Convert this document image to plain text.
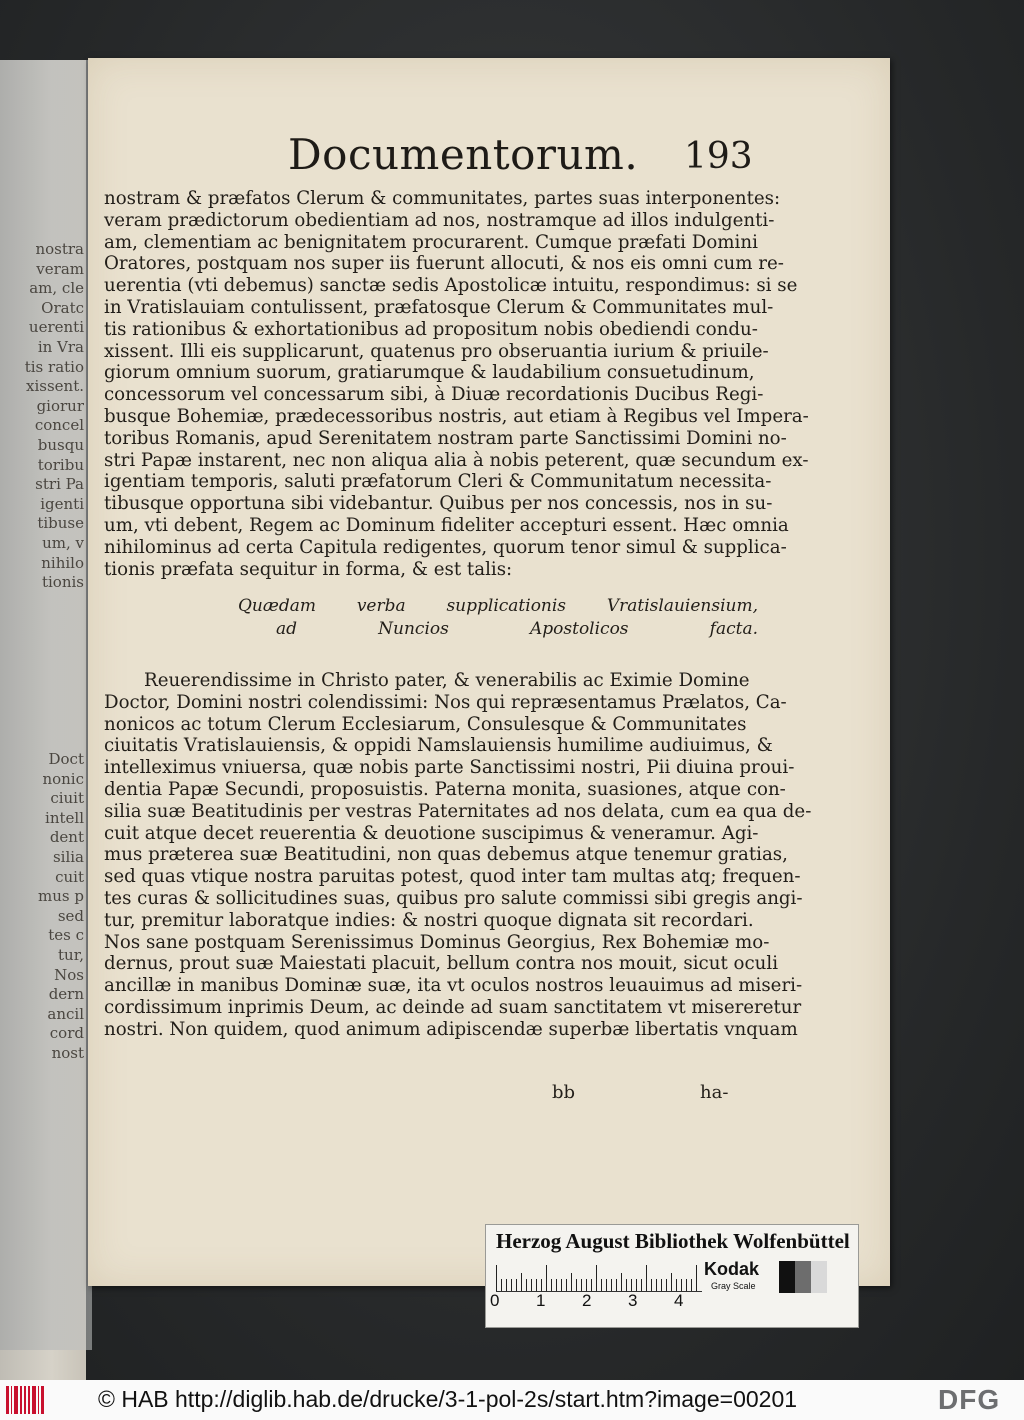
nostra
veram
am, cle
Oratc
uerenti
in Vra
tis ratio
xissent.
giorur
concel
busqu
toribu
stri Pa
igenti
tibuse
um, v
nihilo
tionis
Doct
nonic
ciuit
intell
dent
silia
cuit
mus p
sed
tes c
tur,
Nos
dern
ancil
cord
nost
Documentorum. 193
nostram & præfatos Clerum & communitates, partes suas interponentes:
veram prædictorum obedientiam ad nos, nostramque ad illos indulgenti-
am, clementiam ac benignitatem procurarent. Cumque præfati Domini
Oratores, postquam nos super iis fuerunt allocuti, & nos eis omni cum re-
uerentia (vti debemus) sanctæ sedis Apostolicæ intuitu, respondimus: si se
in Vratislauiam contulissent, præfatosque Clerum & Communitates mul-
tis rationibus & exhortationibus ad propositum nobis obediendi condu-
xissent. Illi eis supplicarunt, quatenus pro obseruantia iurium & priuile-
giorum omnium suorum, gratiarumque & laudabilium consuetudinum,
concessorum vel concessarum sibi, à Diuæ recordationis Ducibus Regi-
busque Bohemiæ, prædecessoribus nostris, aut etiam à Regibus vel Impera-
toribus Romanis, apud Serenitatem nostram parte Sanctissimi Domini no-
stri Papæ instarent, nec non aliqua alia à nobis peterent, quæ secundum ex-
igentiam temporis, saluti præfatorum Cleri & Communitatum necessita-
tibusque opportuna sibi videbantur. Quibus per nos concessis, nos in su-
um, vti debent, Regem ac Dominum fideliter accepturi essent. Hæc omnia
nihilominus ad certa Capitula redigentes, quorum tenor simul & supplica-
tionis præfata sequitur in forma, & est talis:
Quædam verba supplicationis Vratislauiensium,
ad Nuncios Apostolicos facta.
Reuerendissime in Christo pater, & venerabilis ac Eximie Domine
Doctor, Domini nostri colendissimi: Nos qui repræsentamus Prælatos, Ca-
nonicos ac totum Clerum Ecclesiarum, Consulesque & Communitates
ciuitatis Vratislauiensis, & oppidi Namslauiensis humilime audiuimus, &
intelleximus vniuersa, quæ nobis parte Sanctissimi nostri, Pii diuina proui-
dentia Papæ Secundi, proposuistis. Paterna monita, suasiones, atque con-
silia suæ Beatitudinis per vestras Paternitates ad nos delata, cum ea qua de-
cuit atque decet reuerentia & deuotione suscipimus & veneramur. Agi-
mus præterea suæ Beatitudini, non quas debemus atque tenemur gratias,
sed quas vtique nostra paruitas potest, quod inter tam multas atq; frequen-
tes curas & sollicitudines suas, quibus pro salute commissi sibi gregis angi-
tur, premitur laboratque indies: & nostri quoque dignata sit recordari.
Nos sane postquam Serenissimus Dominus Georgius, Rex Bohemiæ mo-
dernus, prout suæ Maiestati placuit, bellum contra nos mouit, sicut oculi
ancillæ in manibus Dominæ suæ, ita vt oculos nostros leuauimus ad miseri-
cordissimum inprimis Deum, ac deinde ad suam sanctitatem vt misereretur
nostri. Non quidem, quod animum adipiscendæ superbæ libertatis vnquam
bb	ha-
Herzog August Bibliothek Wolfenbüttel
0 1 2 3 4
Kodak
Gray Scale
© HAB http://diglib.hab.de/drucke/3-1-pol-2s/start.htm?image=00201	DFG
